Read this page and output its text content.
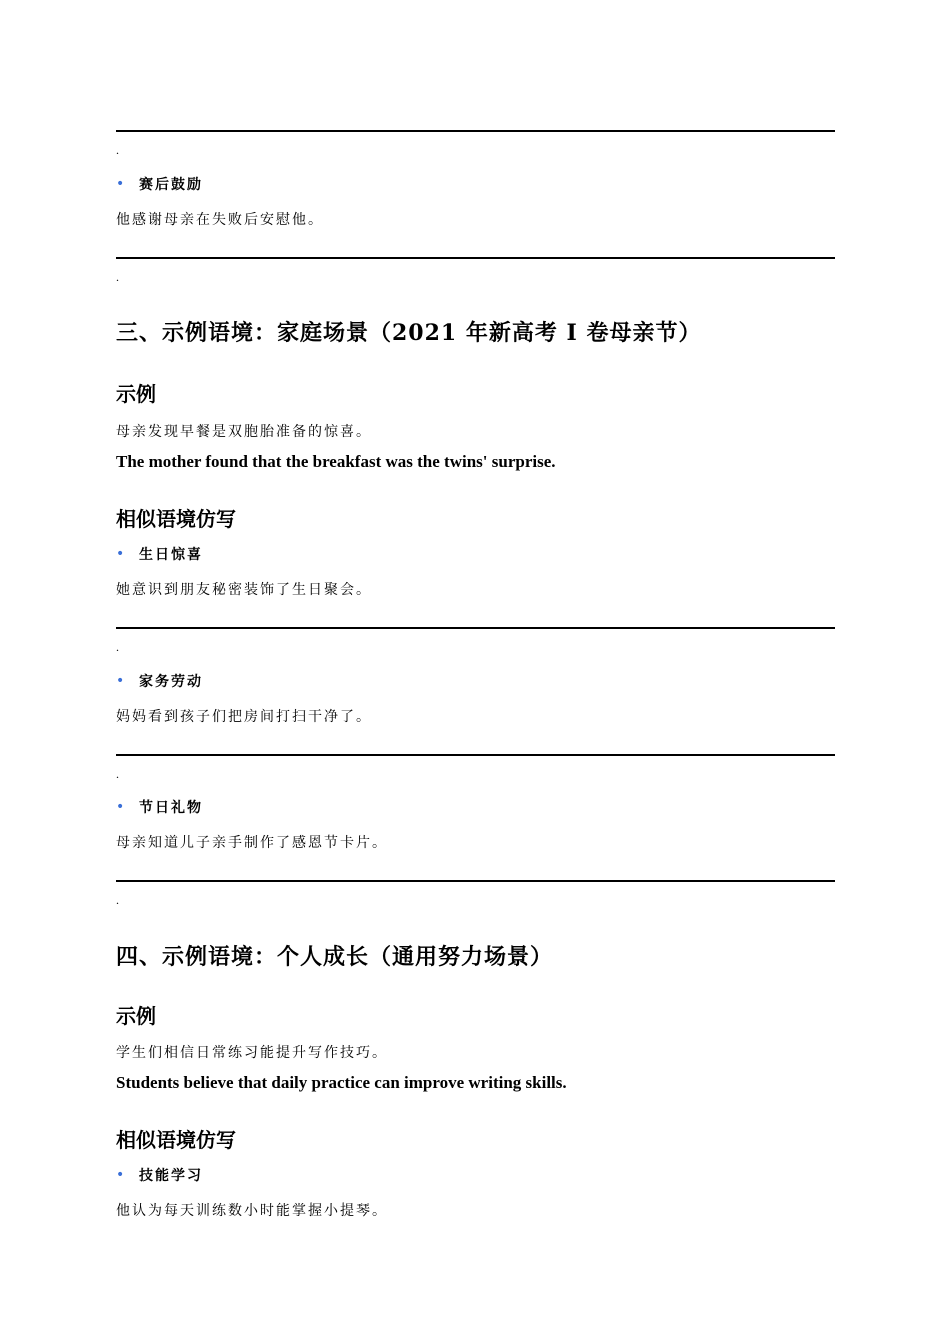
.
•	赛后鼓励
他感谢母亲在失败后安慰他。
.
三、示例语境：家庭场景（2021 年新高考 Ⅰ 卷母亲节）
示例
母亲发现早餐是双胞胎准备的惊喜。
The mother found that the breakfast was the twins' surprise.
相似语境仿写
•	生日惊喜
她意识到朋友秘密装饰了生日聚会。
.
•	家务劳动
妈妈看到孩子们把房间打扫干净了。
.
•	节日礼物
母亲知道儿子亲手制作了感恩节卡片。
.
四、示例语境：个人成长（通用努力场景）
示例
学生们相信日常练习能提升写作技巧。
Students believe that daily practice can improve writing skills.
相似语境仿写
•	技能学习
他认为每天训练数小时能掌握小提琴。
